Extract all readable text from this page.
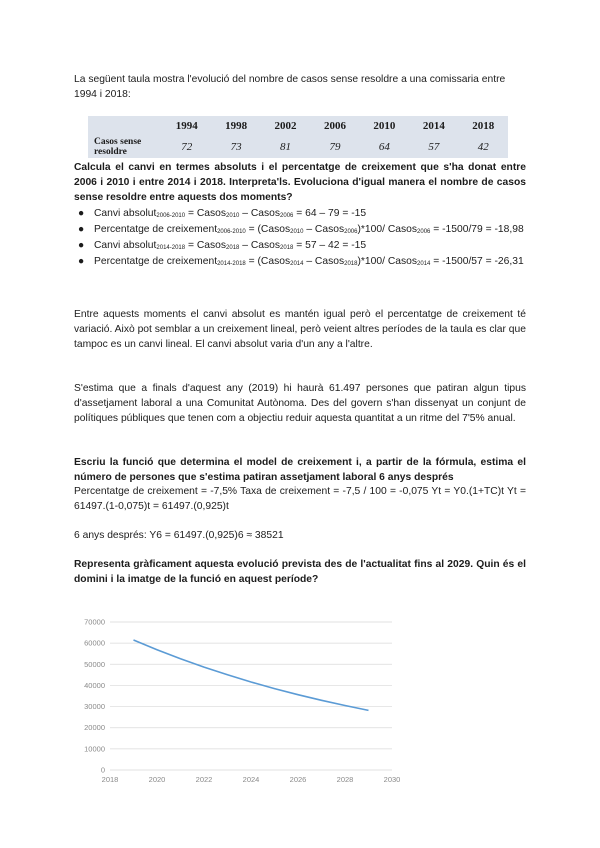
La següent taula mostra l'evolució del nombre de casos sense resoldre a una comissaria entre 1994 i 2018:
	1994	1998	2002	2006	2010	2014	2018
Casos sense
resoldre	72	73	81	79	64	57	42
Calcula el canvi en termes absoluts i el percentatge de creixement que s'ha donat entre 2006 i 2010 i entre 2014 i 2018. Interpreta'ls. Evoluciona d'igual manera el nombre de casos sense resoldre entre aquests dos moments?
● Canvi absolut$_{2006-2010}$ = Casos$_{2010}$ – Casos$_{2006}$ = 64 – 79 = -15
● Percentatge de creixement$_{2006-2010}$ = (Casos$_{2010}$ – Casos$_{2006}$)*100/ Casos$_{2006}$ = -1500/79 = -18,98
● Canvi absolut$_{2014-2018}$ = Casos$_{2018}$ – Casos$_{2018}$ = 57 – 42 = -15
● Percentatge de creixement$_{2014-2018}$ = (Casos$_{2014}$ – Casos$_{2018}$)*100/ Casos$_{2014}$ = -1500/57 = -26,31
Entre aquests moments el canvi absolut es mantén igual però el percentatge de creixement té variació. Això pot semblar a un creixement lineal, però veient altres períodes de la taula es clar que tampoc es un canvi lineal. El canvi absolut varia d'un any a l'altre.
S'estima que a finals d'aquest any (2019) hi haurà 61.497 persones que patiran algun tipus d'assetjament laboral a una Comunitat Autònoma. Des del govern s'han dissenyat un conjunt de polítiques públiques que tenen com a objectiu reduir aquesta quantitat a un ritme del 7'5% anual.
Escriu la funció que determina el model de creixement i, a partir de la fórmula, estima el número de persones que s'estima patiran assetjament laboral 6 anys després
Percentatge de creixement = -7,5% Taxa de creixement = -7,5 / 100 = -0,075 Yt = Y0.(1+TC)t Yt = 61497.(1-0,075)t = 61497.(0,925)t
6 anys després: Y6 = 61497.(0,925)6 ≈ 38521
Representa gràficament aquesta evolució prevista des de l'actualitat fins al 2029. Quin és el domini i la imatge de la funció en aquest període?
0
10000
20000
30000
40000
50000
60000
70000
2018	2020	2022	2024	2026	2028	2030
